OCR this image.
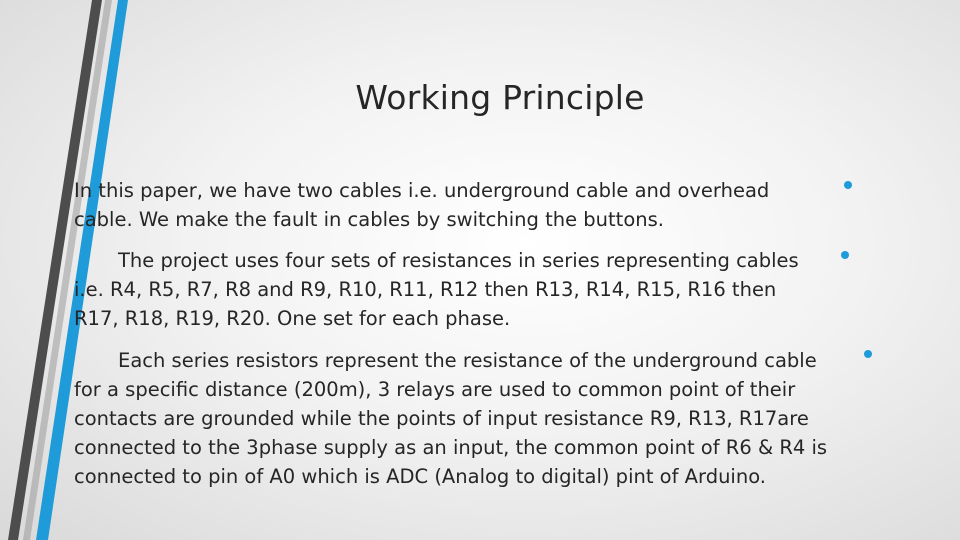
Working Principle

In this paper, we have two cables i.e. underground cable and overhead cable. We make the fault in cables by switching the buttons.

The project uses four sets of resistances in series representing cables i.e. R4, R5, R7, R8 and R9, R10, R11, R12 then R13, R14, R15, R16 then R17, R18, R19, R20. One set for each phase.

Each series resistors represent the resistance of the underground cable for a specific distance (200m), 3 relays are used to common point of their contacts are grounded while the points of input resistance R9, R13, R17are connected to the 3phase supply as an input, the common point of R6 & R4 is connected to pin of A0 which is ADC (Analog to digital) pint of Arduino.
